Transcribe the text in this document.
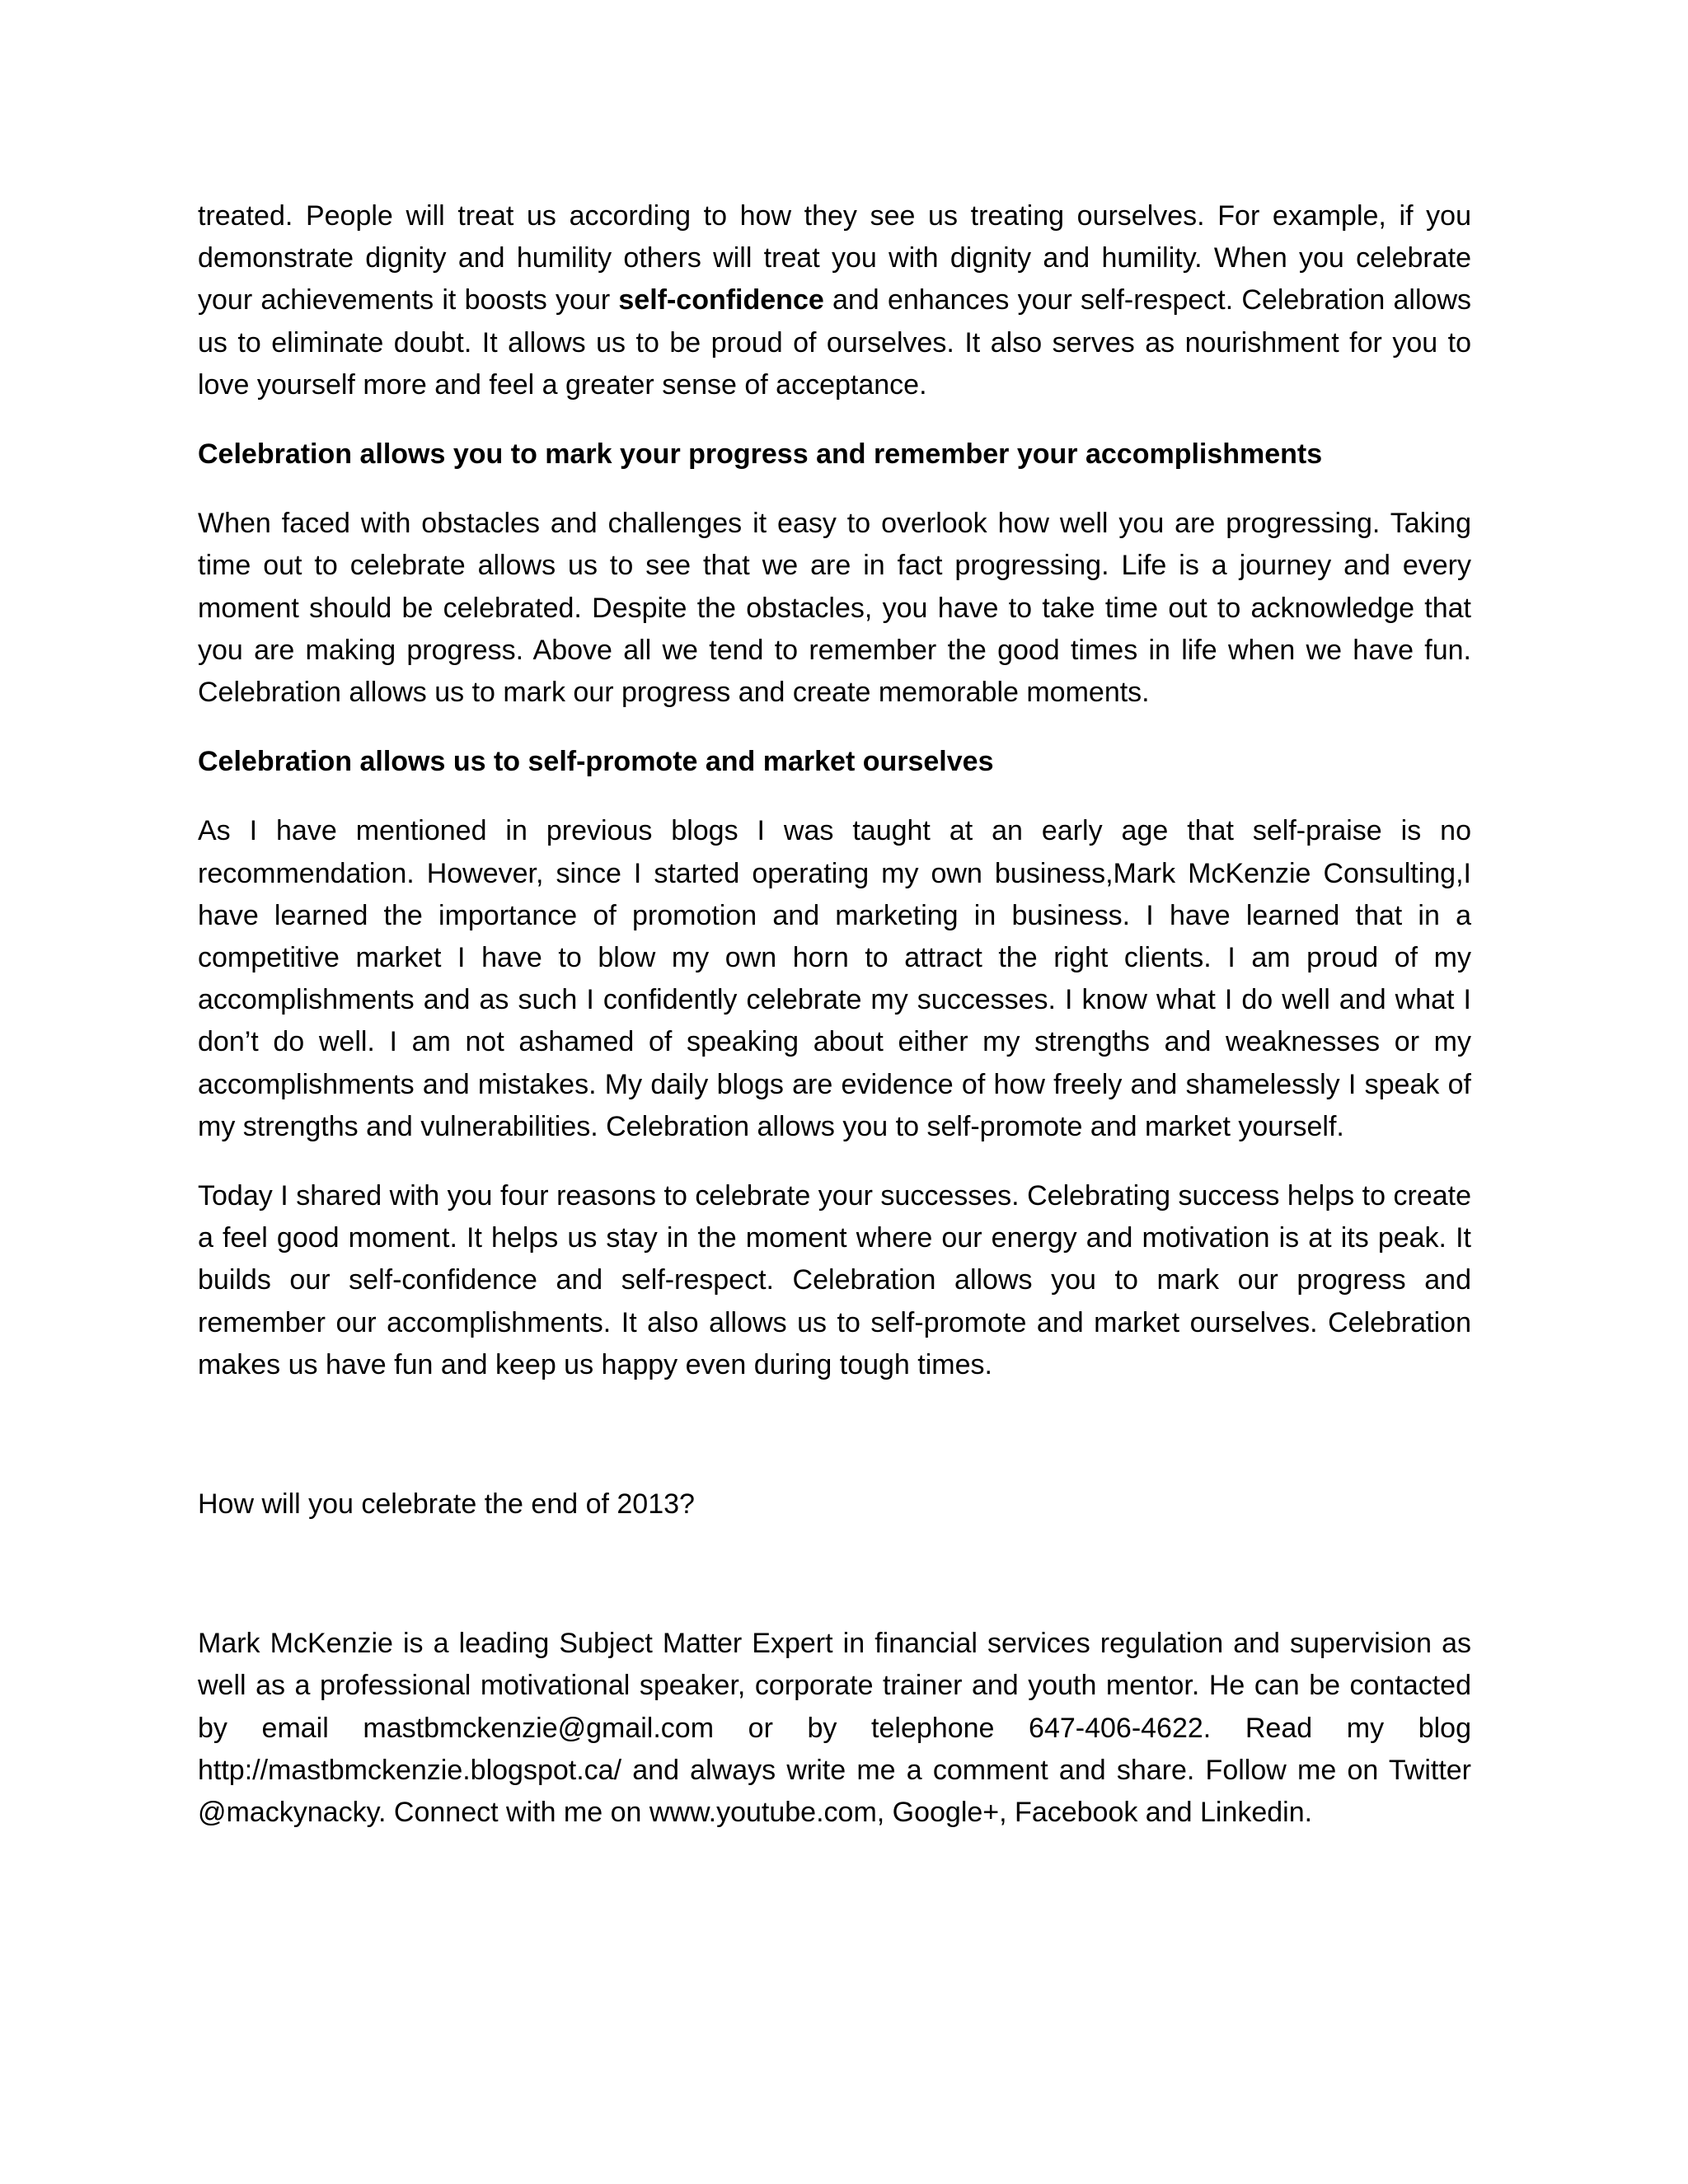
treated. People will treat us according to how they see us treating ourselves. For example, if you demonstrate dignity and humility others will treat you with dignity and humility. When you celebrate your achievements it boosts your self-confidence and enhances your self-respect. Celebration allows us to eliminate doubt. It allows us to be proud of ourselves. It also serves as nourishment for you to love yourself more and feel a greater sense of acceptance.

Celebration allows you to mark your progress and remember your accomplishments

When faced with obstacles and challenges it easy to overlook how well you are progressing. Taking time out to celebrate allows us to see that we are in fact progressing. Life is a journey and every moment should be celebrated. Despite the obstacles, you have to take time out to acknowledge that you are making progress. Above all we tend to remember the good times in life when we have fun. Celebration allows us to mark our progress and create memorable moments.

Celebration allows us to self-promote and market ourselves

As I have mentioned in previous blogs I was taught at an early age that self-praise is no recommendation. However, since I started operating my own business,Mark McKenzie Consulting,I have learned the importance of promotion and marketing in business. I have learned that in a competitive market I have to blow my own horn to attract the right clients. I am proud of my accomplishments and as such I confidently celebrate my successes. I know what I do well and what I don’t do well. I am not ashamed of speaking about either my strengths and weaknesses or my accomplishments and mistakes. My daily blogs are evidence of how freely and shamelessly I speak of my strengths and vulnerabilities. Celebration allows you to self-promote and market yourself.

Today I shared with you four reasons to celebrate your successes. Celebrating success helps to create a feel good moment. It helps us stay in the moment where our energy and motivation is at its peak. It builds our self-confidence and self-respect. Celebration allows you to mark our progress and remember our accomplishments. It also allows us to self-promote and market ourselves. Celebration makes us have fun and keep us happy even during tough times.

How will you celebrate the end of 2013?

Mark McKenzie is a leading Subject Matter Expert in financial services regulation and supervision as well as a professional motivational speaker, corporate trainer and youth mentor. He can be contacted by email mastbmckenzie@gmail.com or by telephone 647-406-4622. Read my blog http://mastbmckenzie.blogspot.ca/ and always write me a comment and share. Follow me on Twitter @mackynacky. Connect with me on www.youtube.com, Google+, Facebook and Linkedin.
